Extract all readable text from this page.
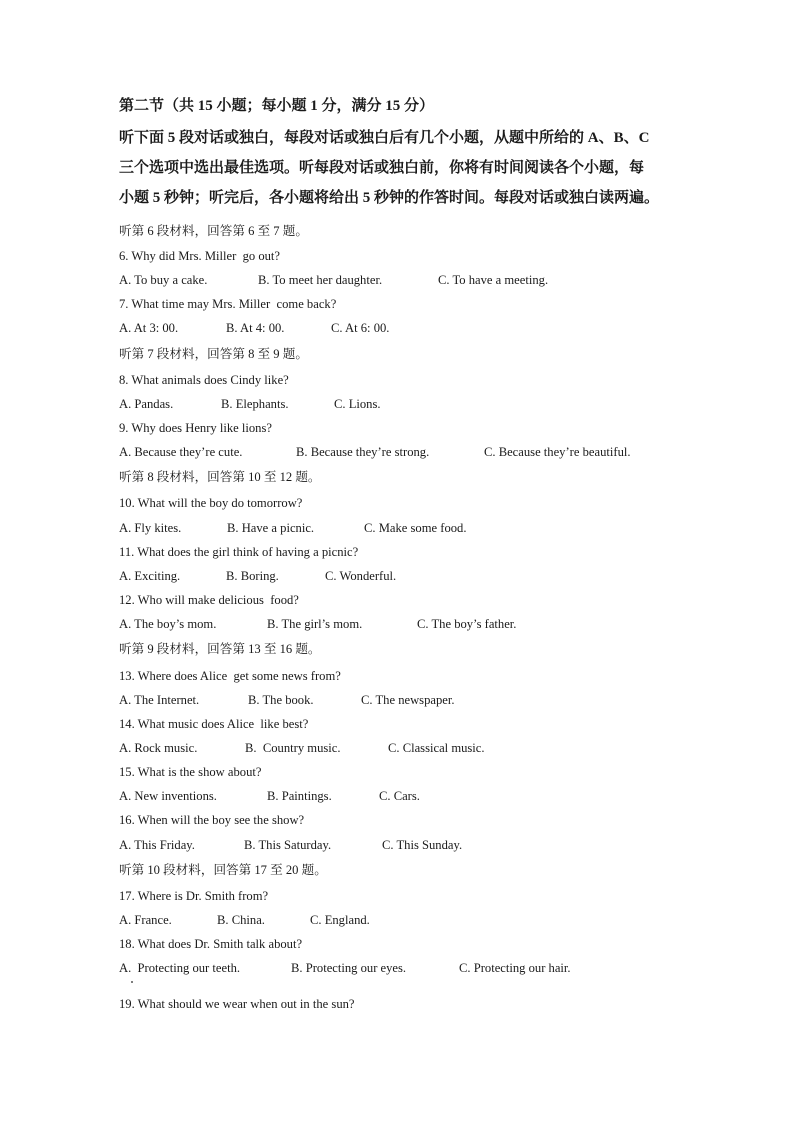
第二节（共 15 小题；每小题 1 分，满分 15 分）
听下面 5 段对话或独白，每段对话或独白后有几个小题，从题中所给的 A、B、C
三个选项中选出最佳选项。听每段对话或独白前，你将有时间阅读各个小题，每
小题 5 秒钟；听完后，各小题将给出 5 秒钟的作答时间。每段对话或独白读两遍。
听第 6 段材料，回答第 6 至 7 题。
6. Why did Mrs. Miller  go out?
A. To buy a cake.	B. To meet her daughter.	C. To have a meeting.
7. What time may Mrs. Miller  come back?
A. At 3: 00.	B. At 4: 00.	C. At 6: 00.
听第 7 段材料，回答第 8 至 9 题。
8. What animals does Cindy like?
A. Pandas.	B. Elephants.	C. Lions.
9. Why does Henry like lions?
A. Because they’re cute.	B. Because they’re strong.	C. Because they’re beautiful.
听第 8 段材料，回答第 10 至 12 题。
10. What will the boy do tomorrow?
A. Fly kites.	B. Have a picnic.	C. Make some food.
11. What does the girl think of having a picnic?
A. Exciting.	B. Boring.	C. Wonderful.
12. Who will make delicious  food?
A. The boy’s mom.	B. The girl’s mom.	C. The boy’s father.
听第 9 段材料，回答第 13 至 16 题。
13. Where does Alice  get some news from?
A. The Internet.	B. The book.	C. The newspaper.
14. What music does Alice  like best?
A. Rock music.	B.  Country music.	C. Classical music.
15. What is the show about?
A. New inventions.	B. Paintings.	C. Cars.
16. When will the boy see the show?
A. This Friday.	B. This Saturday.	C. This Sunday.
听第 10 段材料，回答第 17 至 20 题。
17. Where is Dr. Smith from?
A. France.	B. China.	C. England.
18. What does Dr. Smith talk about?
A.  Protecting our teeth.	B. Protecting our eyes.	C. Protecting our hair.
19. What should we wear when out in the sun?
